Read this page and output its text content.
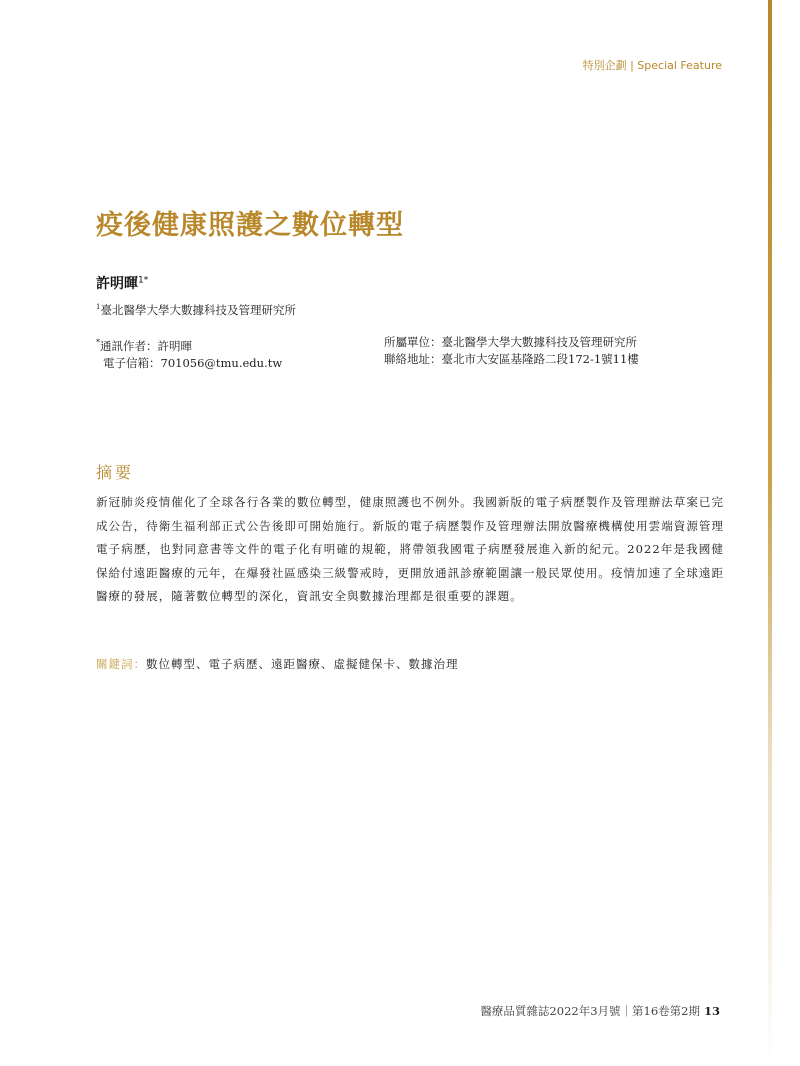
特別企劃 | Special Feature
疫後健康照護之數位轉型
許明暉$^{1*}$
$^1$臺北醫學大學大數據科技及管理研究所
*通訊作者：許明暉
電子信箱：701056@tmu.edu.tw
所屬單位：臺北醫學大學大數據科技及管理研究所
聯絡地址：臺北市大安區基隆路二段172-1號11樓
摘要
新冠肺炎疫情催化了全球各行各業的數位轉型，健康照護也不例外。我國新版的電子病歷製作及管理辦法草案已完成公告，待衛生福利部正式公告後即可開始施行。新版的電子病歷製作及管理辦法開放醫療機構使用雲端資源管理電子病歷，也對同意書等文件的電子化有明確的規範，將帶領我國電子病歷發展進入新的紀元。2022年是我國健保給付遠距醫療的元年，在爆發社區感染三級警戒時，更開放通訊診療範圍讓一般民眾使用。疫情加速了全球遠距醫療的發展，隨著數位轉型的深化，資訊安全與數據治理都是很重要的課題。
關鍵詞：數位轉型、電子病歷、遠距醫療、虛擬健保卡、數據治理
醫療品質雜誌2022年3月號｜第16卷第2期 13
